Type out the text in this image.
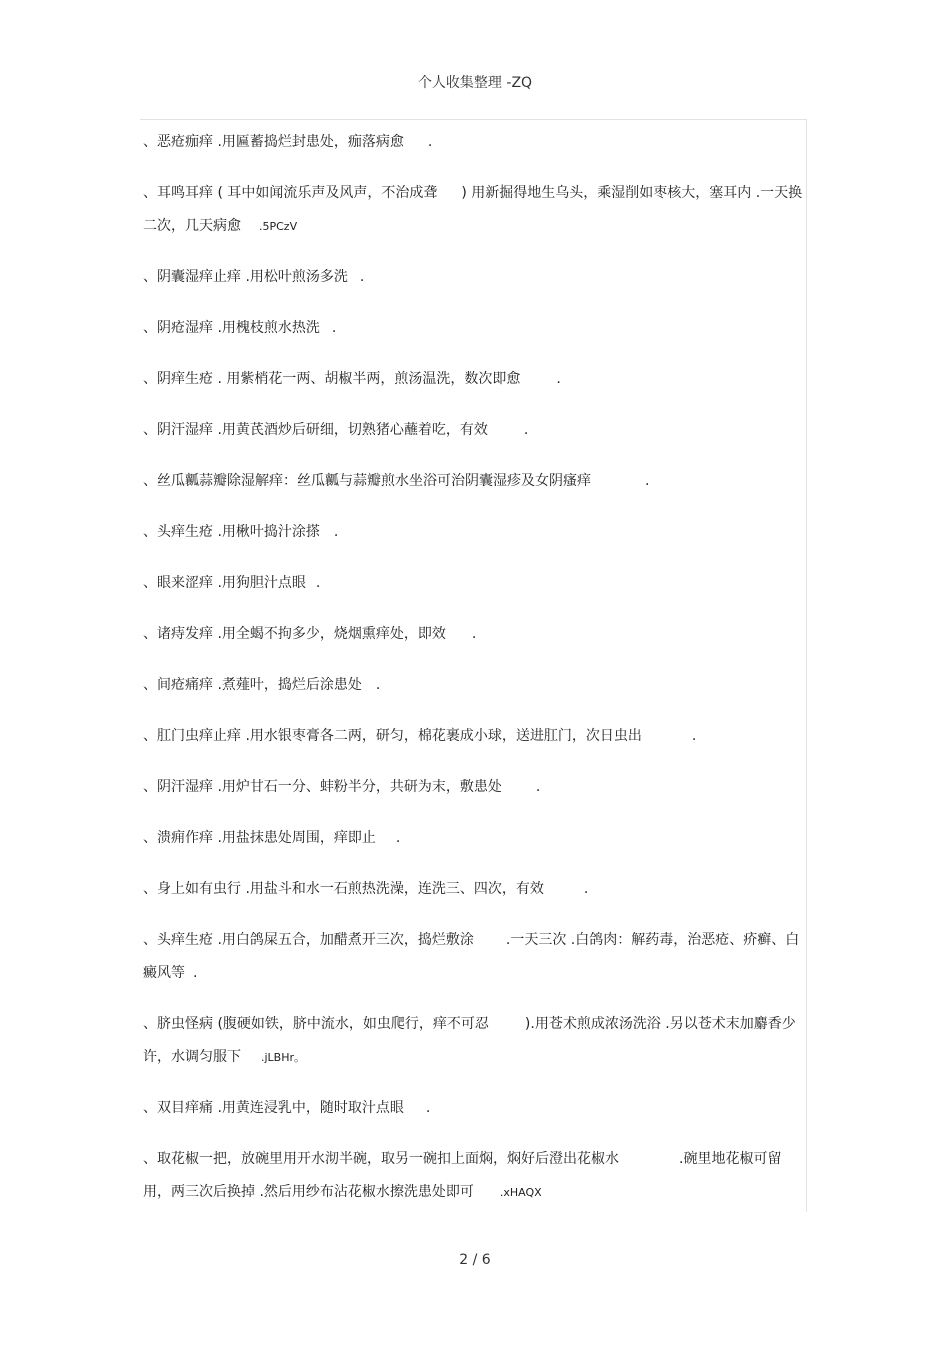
个人收集整理 -ZQ

、恶疮痂痒 .用匾蓄捣烂封患处，痂落病愈 .

、耳鸣耳痒 ( 耳中如闻流乐声及风声，不治成聋 ) 用新掘得地生乌头，乘湿削如枣核大，塞耳内 .一天换二次，几天病愈 .5PCzV

、阴囊湿痒止痒 .用松叶煎汤多洗 .

、阴疮湿痒 .用槐枝煎水热洗 .

、阴痒生疮 . 用紫梢花一两、胡椒半两，煎汤温洗，数次即愈	.

、阴汗湿痒 .用黄芪酒炒后研细，切熟猪心蘸着吃，有效	.

、丝瓜瓤蒜瓣除湿解痒：丝瓜瓤与蒜瓣煎水坐浴可治阴囊湿疹及女阴瘙痒	.

、头痒生疮 .用楸叶捣汁涂搽 .

、眼来涩痒 .用狗胆汁点眼 .

、诸痔发痒 .用全蝎不拘多少，烧烟熏痒处，即效 .

、间疮痛痒 .煮薤叶，捣烂后涂患处 .

、肛门虫痒止痒 .用水银枣膏各二两，研匀，棉花裹成小球，送进肛门，次日虫出	.

、阴汗湿痒 .用炉甘石一分、蚌粉半分，共研为末，敷患处 .

、溃痈作痒 .用盐抹患处周围，痒即止 .

、身上如有虫行 .用盐斗和水一石煎热洗澡，连洗三、四次，有效	.

、头痒生疮 .用白鸽屎五合，加醋煮开三次，捣烂敷涂 .一天三次 .白鸽肉：解药毒，治恶疮、疥癣、白癜风等 .

、脐虫怪病 (腹硬如铁，脐中流水，如虫爬行，痒不可忍	).用苍术煎成浓汤洗浴 .另以苍术末加麝香少许，水调匀服下 .jLBHr。

、双目痒痛 .用黄连浸乳中，随时取汁点眼 .

、取花椒一把，放碗里用开水沏半碗，取另一碗扣上面焖，焖好后澄出花椒水	.碗里地花椒可留用，两三次后换掉 .然后用纱布沾花椒水擦洗患处即可 .xHAQX

2 / 6
